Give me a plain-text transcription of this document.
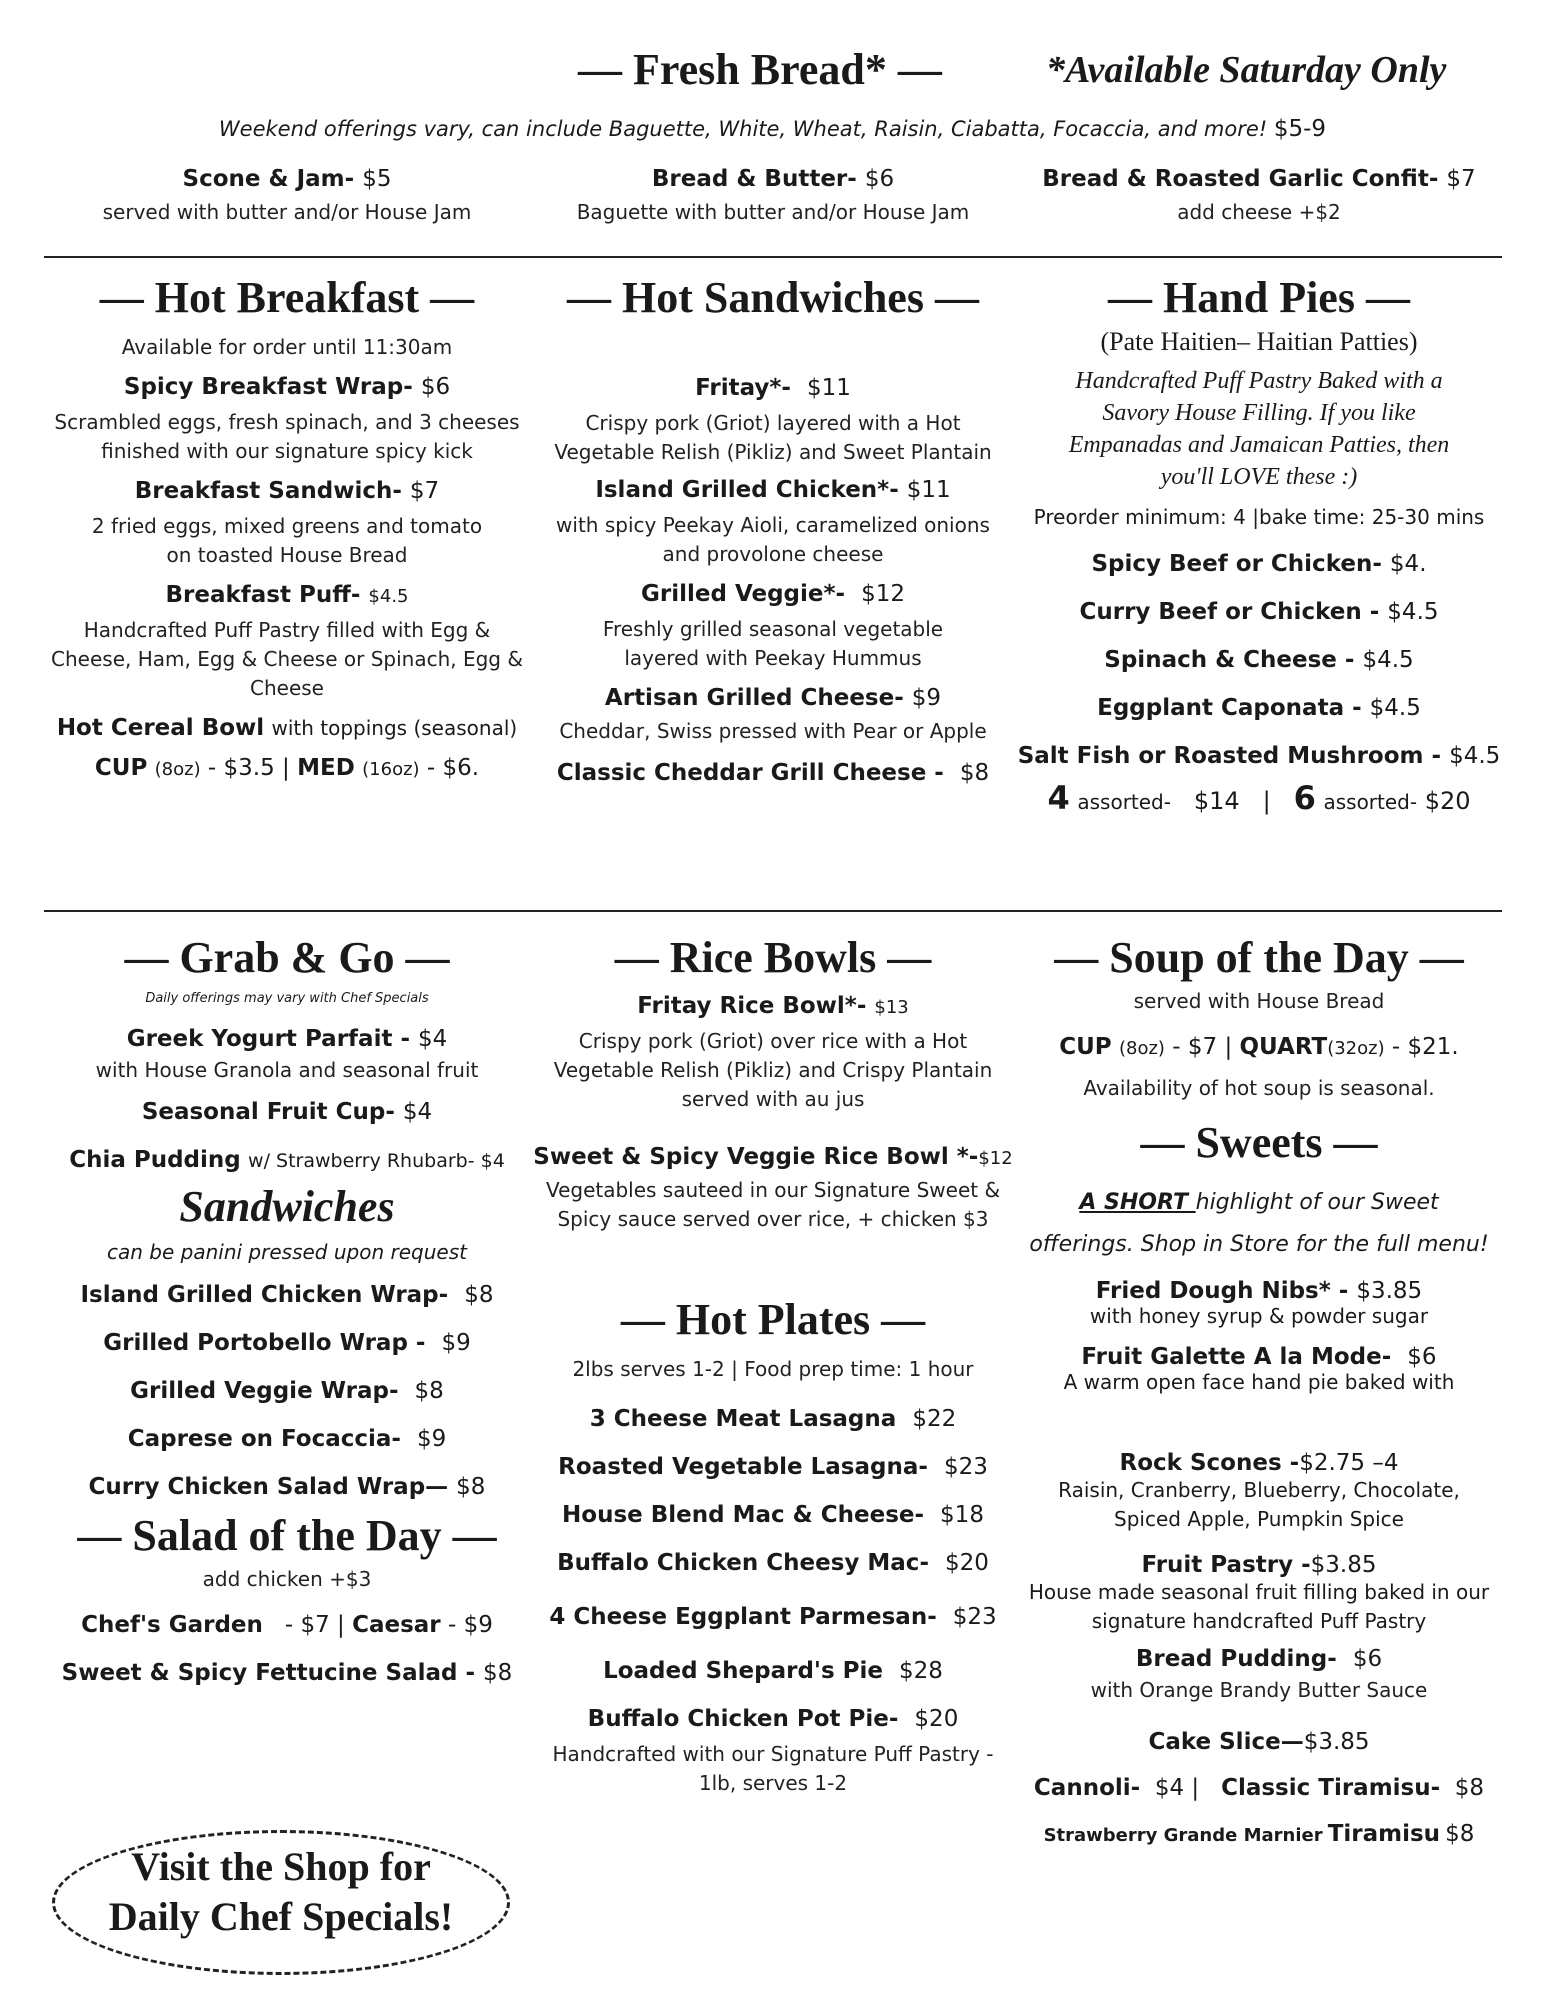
— Fresh Bread* —	*Available Saturday Only
Weekend offerings vary, can include Baguette, White, Wheat, Raisin, Ciabatta, Focaccia, and more! $5-9
Scone & Jam- $5
served with butter and/or House Jam
Bread & Butter- $6
Baguette with butter and/or House Jam
Bread & Roasted Garlic Confit- $7
add cheese +$2
— Hot Breakfast —
Available for order until 11:30am
Spicy Breakfast Wrap- $6
Scrambled eggs, fresh spinach, and 3 cheeses finished with our signature spicy kick
Breakfast Sandwich- $7
2 fried eggs, mixed greens and tomato on toasted House Bread
Breakfast Puff- $4.5
Handcrafted Puff Pastry filled with Egg & Cheese, Ham, Egg & Cheese or Spinach, Egg & Cheese
Hot Cereal Bowl with toppings (seasonal)
CUP (8oz) - $3.5 | MED (16oz) - $6.
— Hot Sandwiches —
Fritay*- $11
Crispy pork (Griot) layered with a Hot Vegetable Relish (Pikliz) and Sweet Plantain
Island Grilled Chicken*- $11
with spicy Peekay Aioli, caramelized onions and provolone cheese
Grilled Veggie*- $12
Freshly grilled seasonal vegetable layered with Peekay Hummus
Artisan Grilled Cheese- $9
Cheddar, Swiss pressed with Pear or Apple
Classic Cheddar Grill Cheese - $8
— Hand Pies —
(Pate Haitien– Haitian Patties)
Handcrafted Puff Pastry Baked with a Savory House Filling. If you like Empanadas and Jamaican Patties, then you'll LOVE these :)
Preorder minimum: 4 |bake time: 25-30 mins
Spicy Beef or Chicken- $4.
Curry Beef or Chicken - $4.5
Spinach & Cheese - $4.5
Eggplant Caponata - $4.5
Salt Fish or Roasted Mushroom - $4.5
4 assorted- $14 | 6 assorted- $20
— Grab & Go —
Daily offerings may vary with Chef Specials
Greek Yogurt Parfait - $4
with House Granola and seasonal fruit
Seasonal Fruit Cup- $4
Chia Pudding w/ Strawberry Rhubarb- $4
Sandwiches
can be panini pressed upon request
Island Grilled Chicken Wrap- $8
Grilled Portobello Wrap - $9
Grilled Veggie Wrap- $8
Caprese on Focaccia- $9
Curry Chicken Salad Wrap— $8
— Salad of the Day —
add chicken +$3
Chef's Garden - $7 | Caesar - $9
Sweet & Spicy Fettucine Salad - $8
Visit the Shop for
Daily Chef Specials!
— Rice Bowls —
Fritay Rice Bowl*- $13
Crispy pork (Griot) over rice with a Hot Vegetable Relish (Pikliz) and Crispy Plantain served with au jus
Sweet & Spicy Veggie Rice Bowl *-$12
Vegetables sauteed in our Signature Sweet & Spicy sauce served over rice, + chicken $3
— Hot Plates —
2lbs serves 1-2 | Food prep time: 1 hour
3 Cheese Meat Lasagna $22
Roasted Vegetable Lasagna- $23
House Blend Mac & Cheese- $18
Buffalo Chicken Cheesy Mac- $20
4 Cheese Eggplant Parmesan- $23
Loaded Shepard's Pie $28
Buffalo Chicken Pot Pie- $20
Handcrafted with our Signature Puff Pastry - 1lb, serves 1-2
— Soup of the Day —
served with House Bread
CUP (8oz) - $7 | QUART(32oz) - $21.
Availability of hot soup is seasonal.
— Sweets —
A SHORT highlight of our Sweet offerings. Shop in Store for the full menu!
Fried Dough Nibs* - $3.85
with honey syrup & powder sugar
Fruit Galette A la Mode- $6
A warm open face hand pie baked with
Rock Scones -$2.75 –4
Raisin, Cranberry, Blueberry, Chocolate, Spiced Apple, Pumpkin Spice
Fruit Pastry -$3.85
House made seasonal fruit filling baked in our signature handcrafted Puff Pastry
Bread Pudding- $6
with Orange Brandy Butter Sauce
Cake Slice—$3.85
Cannoli- $4 | Classic Tiramisu- $8
Strawberry Grande Marnier Tiramisu $8
